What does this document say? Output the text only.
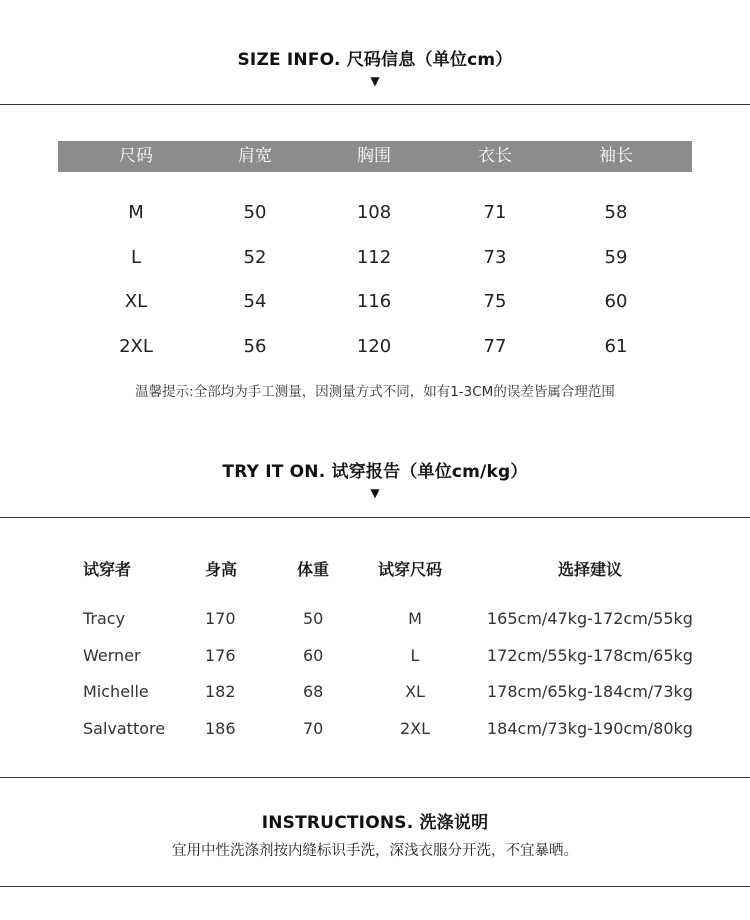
SIZE INFO. 尺码信息（单位cm）
▼
尺码	肩宽	胸围	衣长	袖长
M	50	108	71	58
L	52	112	73	59
XL	54	116	75	60
2XL	56	120	77	61
温馨提示:全部均为手工测量，因测量方式不同，如有1-3CM的误差皆属合理范围
TRY IT ON. 试穿报告（单位cm/kg）
▼
试穿者	身高	体重	试穿尺码	选择建议
Tracy	170	50	M	165cm/47kg-172cm/55kg
Werner	176	60	L	172cm/55kg-178cm/65kg
Michelle	182	68	XL	178cm/65kg-184cm/73kg
Salvattore 186	70	2XL	184cm/73kg-190cm/80kg
INSTRUCTIONS. 洗涤说明
宜用中性洗涤剂按内缝标识手洗，深浅衣服分开洗，不宜暴晒。
